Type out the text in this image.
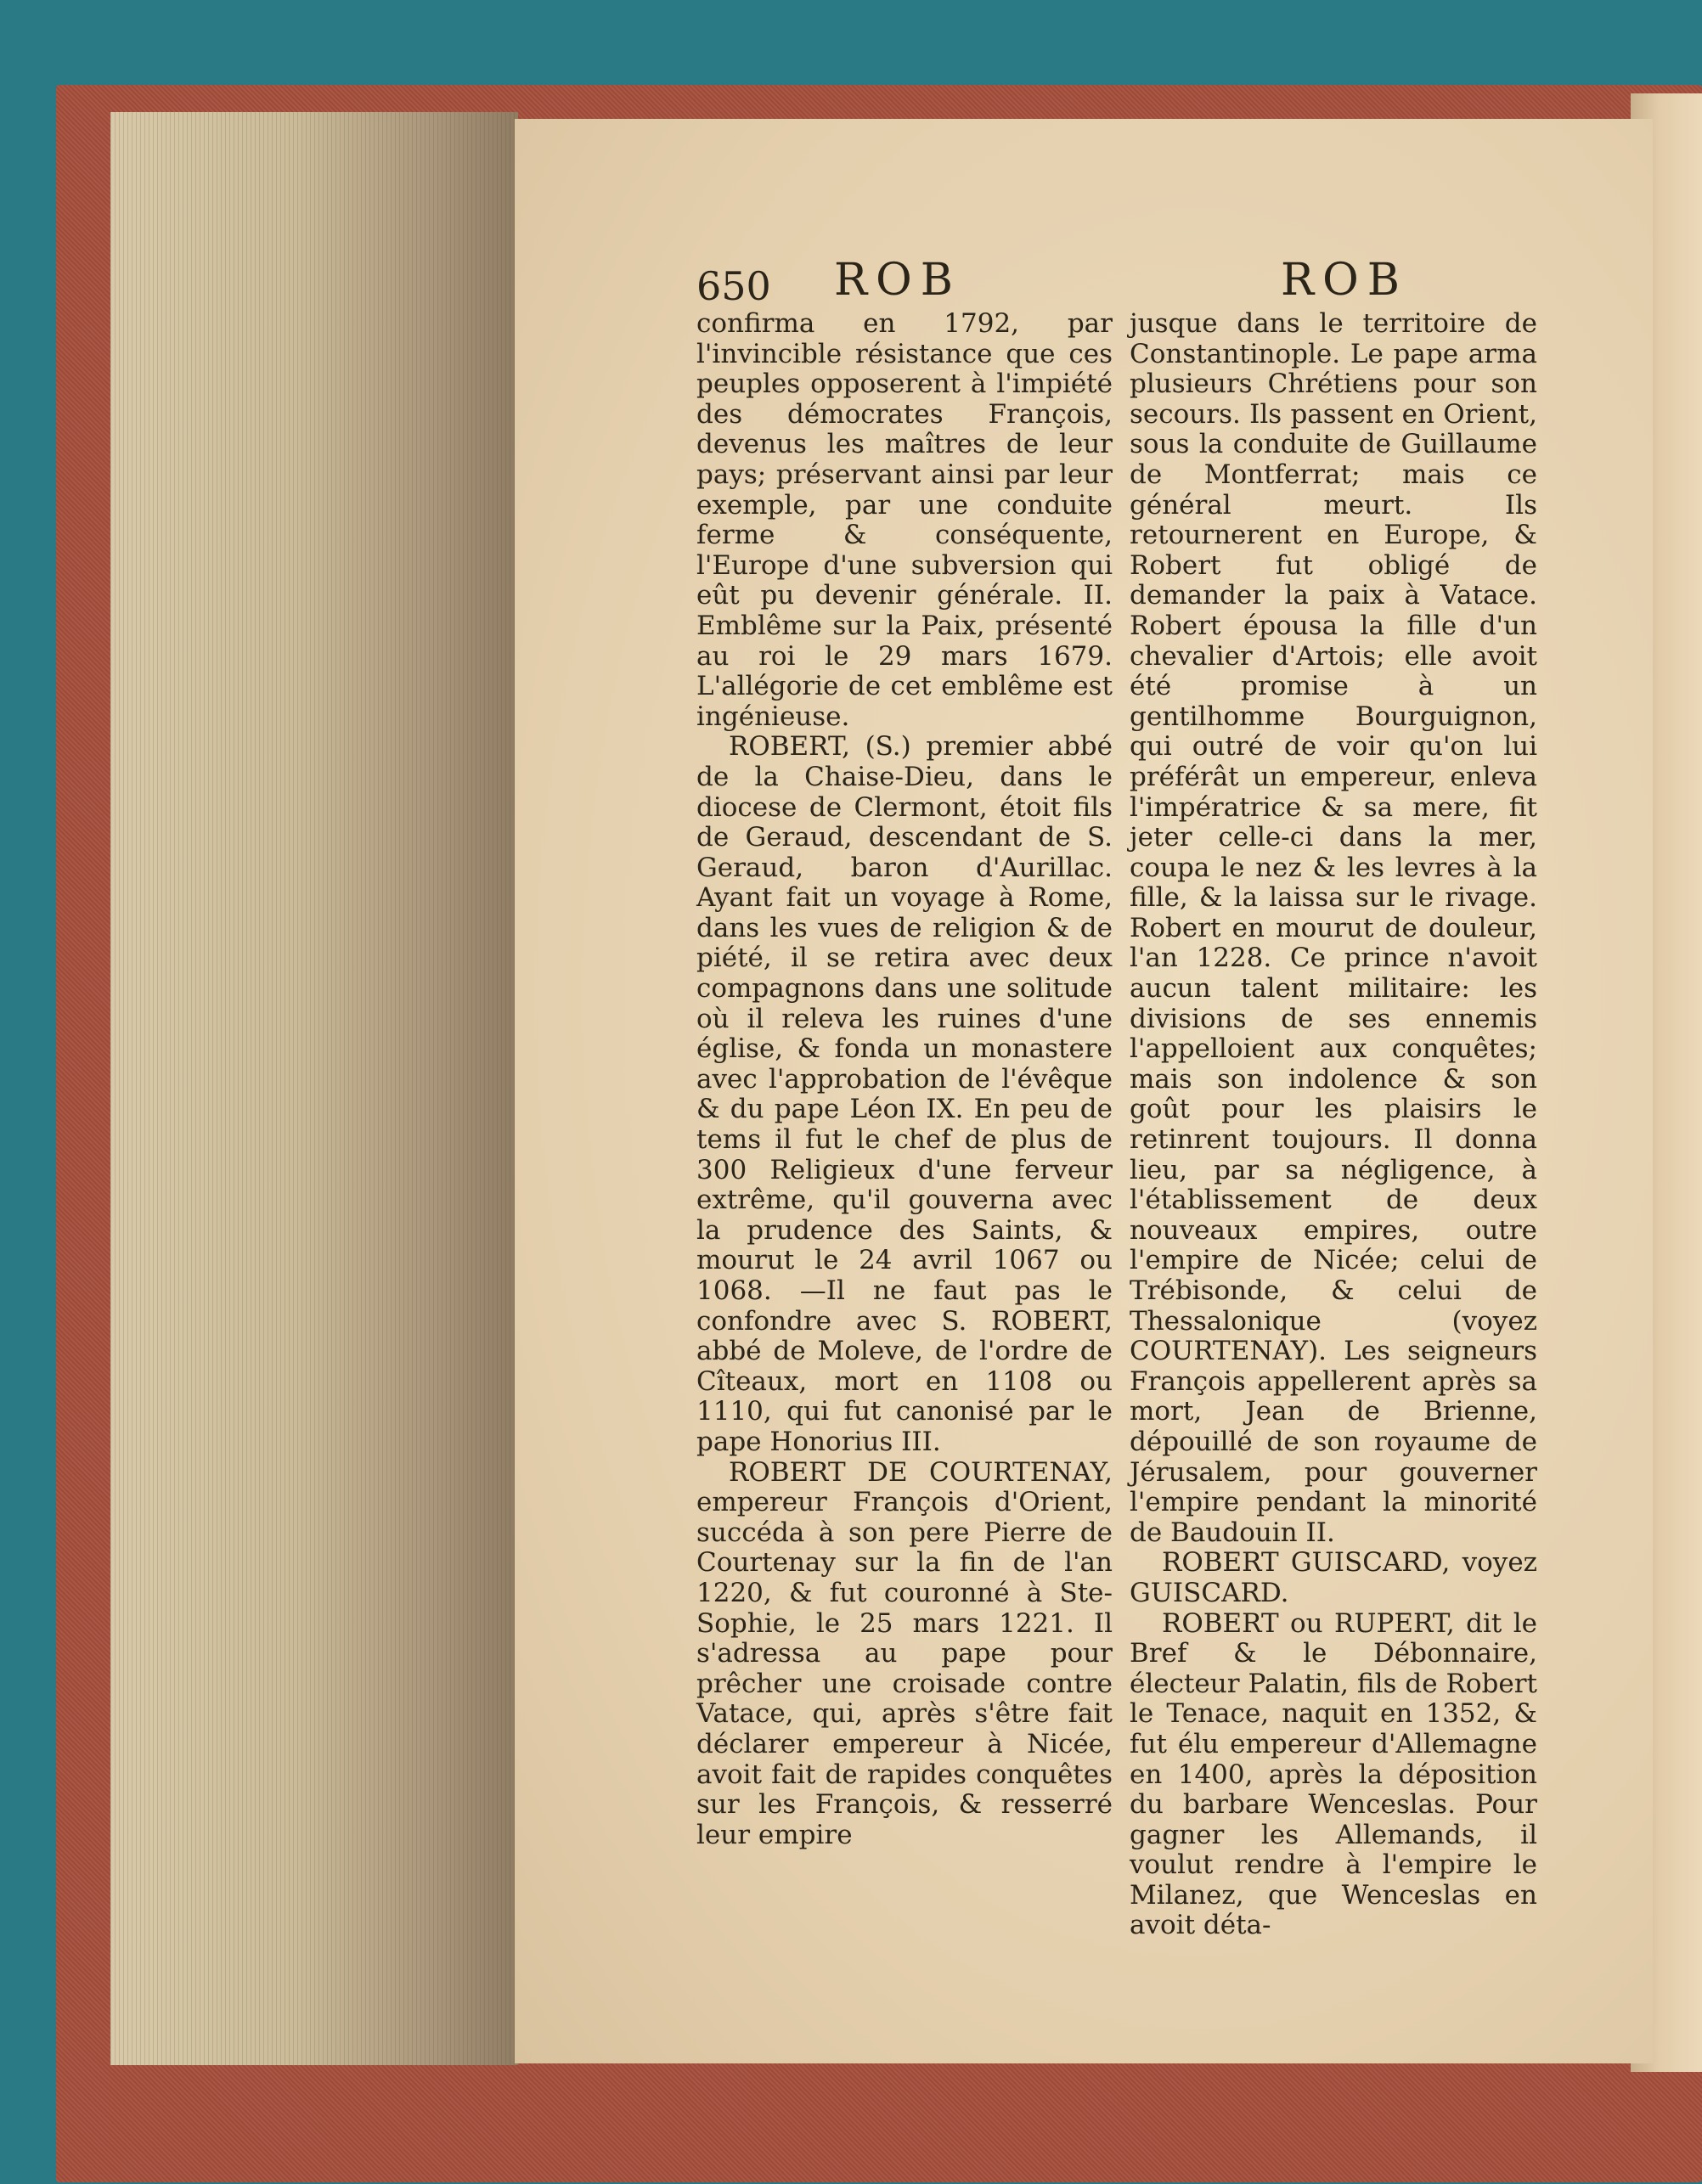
650 ROB	ROB

confirma en 1792, par l'invincible résistance que ces peuples opposerent à l'impiété des démocrates François, devenus les maîtres de leur pays; préservant ainsi par leur exemple, par une conduite ferme & conséquente, l'Europe d'une subversion qui eût pu devenir générale. II. Emblême sur la Paix, présenté au roi le 29 mars 1679. L'allégorie de cet emblême est ingénieuse.

ROBERT, (S.) premier abbé de la Chaise-Dieu, dans le diocese de Clermont, étoit fils de Geraud, descendant de S. Geraud, baron d'Aurillac. Ayant fait un voyage à Rome, dans les vues de religion & de piété, il se retira avec deux compagnons dans une solitude où il releva les ruines d'une église, & fonda un monastere avec l'approbation de l'évêque & du pape Léon IX. En peu de tems il fut le chef de plus de 300 Religieux d'une ferveur extrême, qu'il gouverna avec la prudence des Saints, & mourut le 24 avril 1067 ou 1068. —Il ne faut pas le confondre avec S. ROBERT, abbé de Moleve, de l'ordre de Cîteaux, mort en 1108 ou 1110, qui fut canonisé par le pape Honorius III.

ROBERT DE COURTENAY, empereur François d'Orient, succéda à son pere Pierre de Courtenay sur la fin de l'an 1220, & fut couronné à Ste-Sophie, le 25 mars 1221. Il s'adressa au pape pour prêcher une croisade contre Vatace, qui, après s'être fait déclarer empereur à Nicée, avoit fait de rapides conquêtes sur les François, & resserré leur empire

jusque dans le territoire de Constantinople. Le pape arma plusieurs Chrétiens pour son secours. Ils passent en Orient, sous la conduite de Guillaume de Montferrat; mais ce général meurt. Ils retournerent en Europe, & Robert fut obligé de demander la paix à Vatace. Robert épousa la fille d'un chevalier d'Artois; elle avoit été promise à un gentilhomme Bourguignon, qui outré de voir qu'on lui préférât un empereur, enleva l'impératrice & sa mere, fit jeter celle-ci dans la mer, coupa le nez & les levres à la fille, & la laissa sur le rivage. Robert en mourut de douleur, l'an 1228. Ce prince n'avoit aucun talent militaire: les divisions de ses ennemis l'appelloient aux conquêtes; mais son indolence & son goût pour les plaisirs le retinrent toujours. Il donna lieu, par sa négligence, à l'établissement de deux nouveaux empires, outre l'empire de Nicée; celui de Trébisonde, & celui de Thessalonique (voyez COURTENAY). Les seigneurs François appellerent après sa mort, Jean de Brienne, dépouillé de son royaume de Jérusalem, pour gouverner l'empire pendant la minorité de Baudouin II.

ROBERT GUISCARD, voyez GUISCARD.

ROBERT ou RUPERT, dit le Bref & le Débonnaire, électeur Palatin, fils de Robert le Tenace, naquit en 1352, & fut élu empereur d'Allemagne en 1400, après la déposition du barbare Wenceslas. Pour gagner les Allemands, il voulut rendre à l'empire le Milanez, que Wenceslas en avoit déta-
